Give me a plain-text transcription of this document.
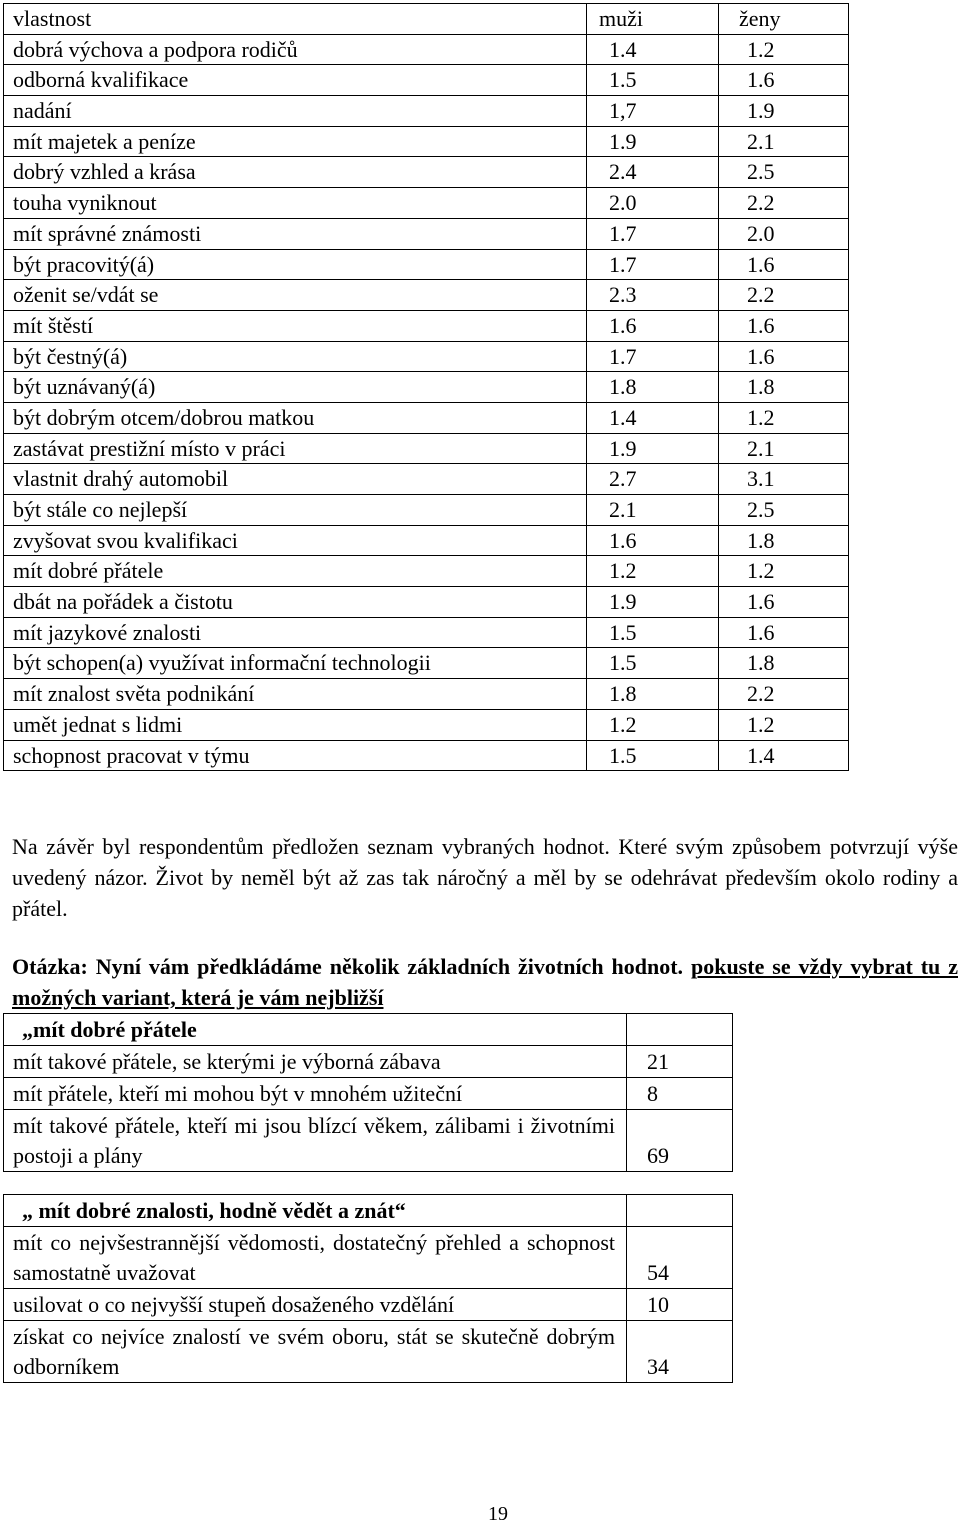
vlastnost	muži	ženy
dobrá výchova a podpora rodičů	1.4	1.2
odborná kvalifikace	1.5	1.6
nadání	1,7	1.9
mít majetek a peníze	1.9	2.1
dobrý vzhled a krása	2.4	2.5
touha vyniknout	2.0	2.2
mít správné známosti	1.7	2.0
být pracovitý(á)	1.7	1.6
oženit se/vdát se	2.3	2.2
mít štěstí	1.6	1.6
být čestný(á)	1.7	1.6
být uznávaný(á)	1.8	1.8
být dobrým otcem/dobrou matkou	1.4	1.2
zastávat prestižní místo v práci	1.9	2.1
vlastnit drahý automobil	2.7	3.1
být stále co nejlepší	2.1	2.5
zvyšovat svou kvalifikaci	1.6	1.8
mít dobré přátele	1.2	1.2
dbát na pořádek a čistotu	1.9	1.6
mít jazykové znalosti	1.5	1.6
být schopen(a) využívat informační technologii	1.5	1.8
mít znalost světa podnikání	1.8	2.2
umět jednat s lidmi	1.2	1.2
schopnost pracovat v týmu	1.5	1.4
Na závěr byl respondentům předložen seznam vybraných hodnot. Které svým způsobem potvrzují výše uvedený názor. Život by neměl být až zas tak náročný a měl by se odehrávat především okolo rodiny a přátel.
Otázka: Nyní vám předkládáme několik základních životních hodnot. pokuste se vždy vybrat tu z možných variant, která je vám nejbližší
„mít dobré přátele	
mít takové přátele, se kterými je výborná zábava	21
mít přátele, kteří mi mohou být v mnohém užiteční	8
mít takové přátele, kteří mi jsou blízcí věkem, zálibami i životními postoji a plány	69
„ mít dobré znalosti, hodně vědět a znát“	
mít co nejvšestrannější vědomosti, dostatečný přehled a schopnost samostatně uvažovat	54
usilovat o co nejvyšší stupeň dosaženého vzdělání	10
získat co nejvíce znalostí ve svém oboru, stát se skutečně dobrým odborníkem	34
19
